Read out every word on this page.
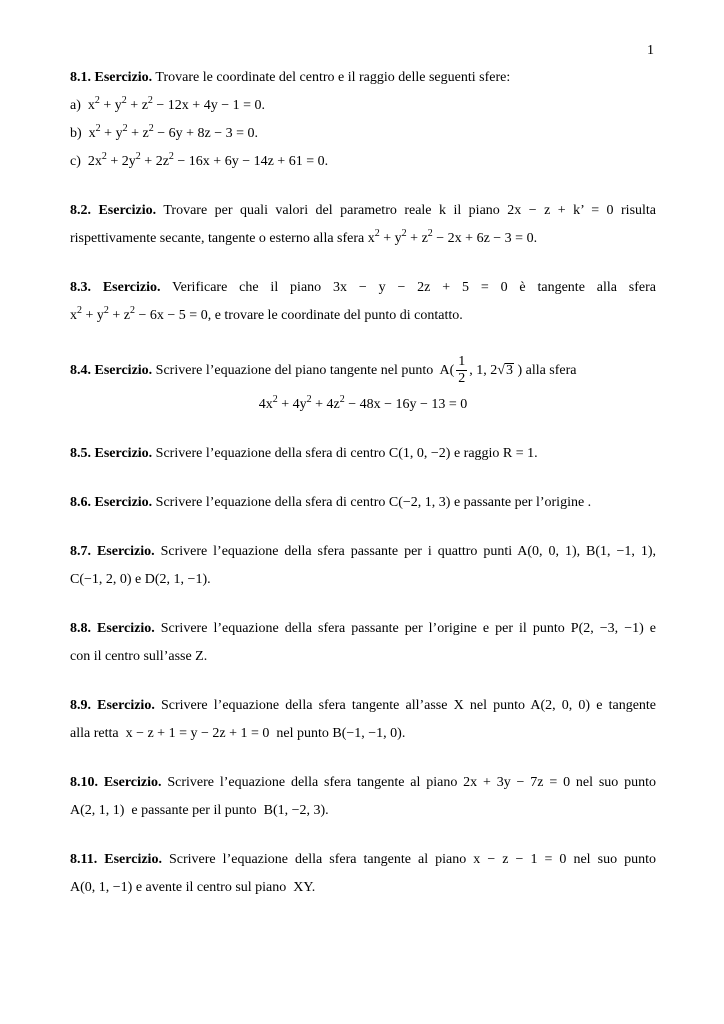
1
8.1. Esercizio. Trovare le coordinate del centro e il raggio delle seguenti sfere:
a) $x^2 + y^2 + z^2 - 12x + 4y - 1 = 0$.
b) $x^2 + y^2 + z^2 - 6y + 8z - 3 = 0$.
c) $2x^2 + 2y^2 + 2z^2 - 16x + 6y - 14z + 61 = 0$.
8.2. Esercizio. Trovare per quali valori del parametro reale k il piano 2x − z + k’ = 0 risulta
rispettivamente secante, tangente o esterno alla sfera $x^2 + y^2 + z^2 - 2x + 6z - 3 = 0$.
8.3. Esercizio. Verificare che il piano 3x − y − 2z + 5 = 0 è tangente alla sfera
$x^2 + y^2 + z^2 - 6x - 5 = 0$, e trovare le coordinate del punto di contatto.
8.4. Esercizio. Scrivere l’equazione del piano tangente nel punto $A( \frac{1}{2}$ , 1, 2√3 ) alla sfera
$4x^2 + 4y^2 + 4z^2 - 48x - 16y - 13 = 0$
8.5. Esercizio. Scrivere l’equazione della sfera di centro C(1, 0, −2) e raggio R = 1.
8.6. Esercizio. Scrivere l’equazione della sfera di centro C(−2, 1, 3) e passante per l’origine .
8.7. Esercizio. Scrivere l’equazione della sfera passante per i quattro punti A(0, 0, 1), B(1, −1, 1),
C(−1, 2, 0) e D(2, 1, −1).
8.8. Esercizio. Scrivere l’equazione della sfera passante per l’origine e per il punto P(2, −3, −1) e
con il centro sull’asse Z.
8.9. Esercizio. Scrivere l’equazione della sfera tangente all’asse X nel punto A(2, 0, 0) e tangente
alla retta  x − z + 1 = y − 2z + 1 = 0  nel punto B(−1, −1, 0).
8.10. Esercizio. Scrivere l’equazione della sfera tangente al piano 2x + 3y − 7z = 0 nel suo punto
A(2, 1, 1)  e passante per il punto  B(1, −2, 3).
8.11. Esercizio. Scrivere l’equazione della sfera tangente al piano x − z − 1 = 0 nel suo punto
A(0, 1, −1) e avente il centro sul piano  XY.
